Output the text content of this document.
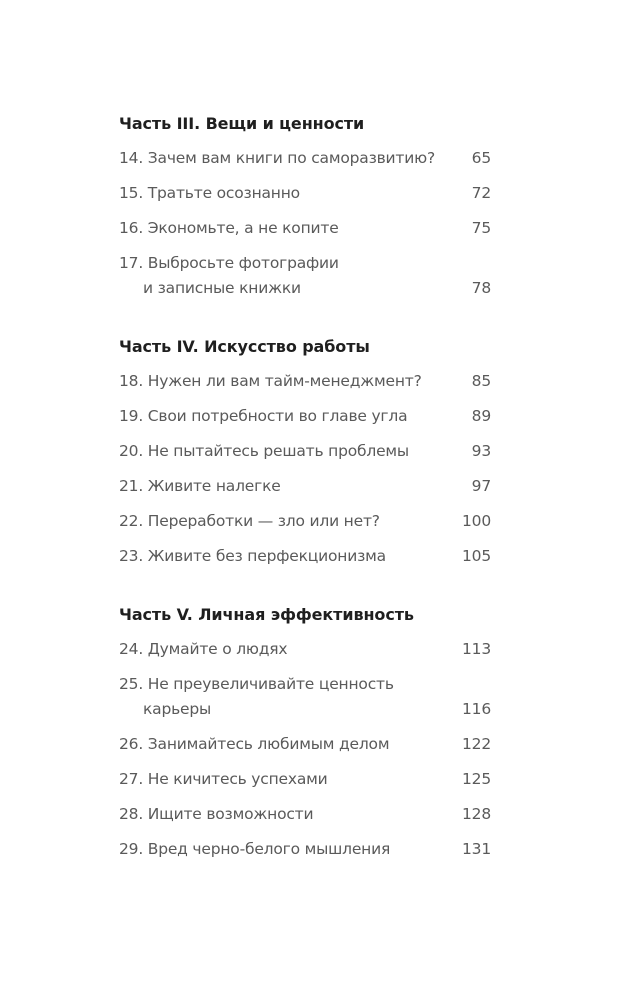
Часть III. Вещи и ценности
14. Зачем вам книги по саморазвитию?	65
15. Тратьте осознанно	72
16. Экономьте, а не копите	75
17. Выбросьте фотографии
и записные книжки	78
Часть IV. Искусство работы
18. Нужен ли вам тайм-менеджмент?	85
19. Свои потребности во главе угла	89
20. Не пытайтесь решать проблемы	93
21. Живите налегке	97
22. Переработки — зло или нет?	100
23. Живите без перфекционизма	105
Часть V. Личная эффективность
24. Думайте о людях	113
25. Не преувеличивайте ценность
карьеры	116
26. Занимайтесь любимым делом	122
27. Не кичитесь успехами	125
28. Ищите возможности	128
29. Вред черно-белого мышления	131
